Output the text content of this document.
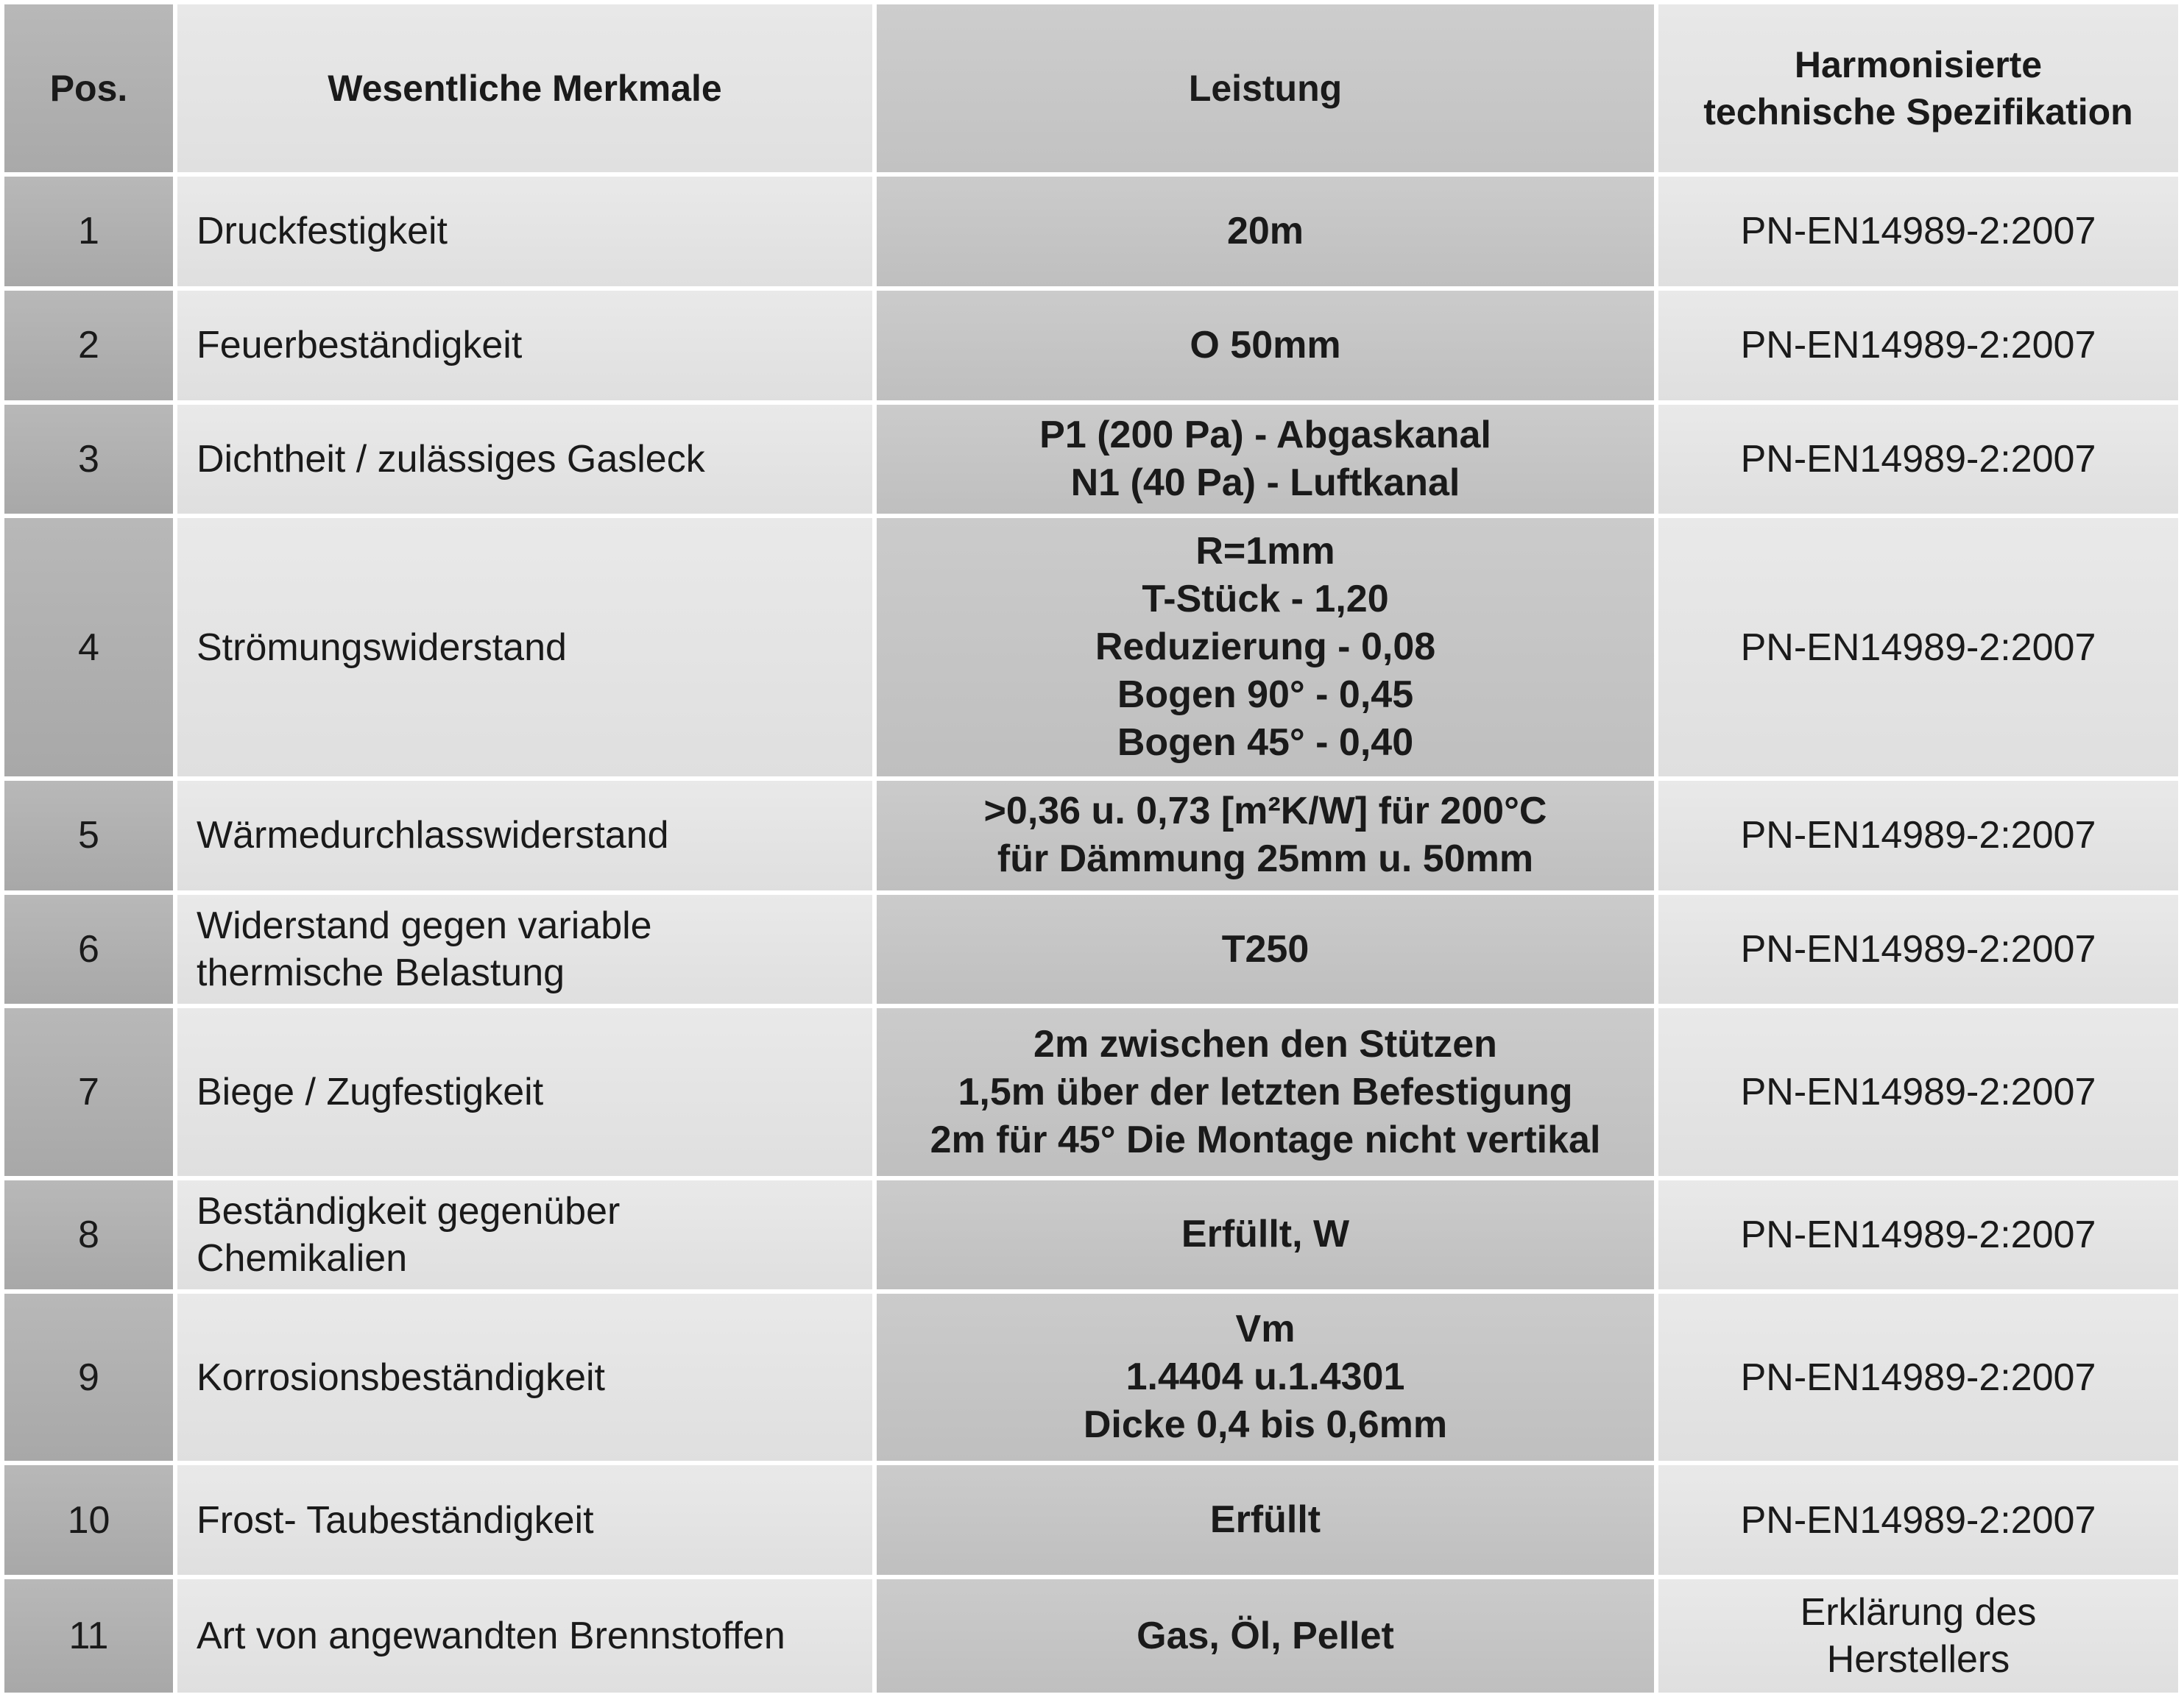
Pos.	Wesentliche Merkmale	Leistung	Harmonisierte
technische Spezifikation

1	Druckfestigkeit	20m	PN-EN14989-2:2007

2	Feuerbeständigkeit	O 50mm	PN-EN14989-2:2007

3	Dichtheit / zulässiges Gasleck	P1 (200 Pa) - Abgaskanal
N1 (40 Pa) - Luftkanal	PN-EN14989-2:2007

4	Strömungswiderstand	R=1mm
T-Stück - 1,20
Reduzierung - 0,08
Bogen 90° - 0,45
Bogen 45° - 0,40	PN-EN14989-2:2007

5	Wärmedurchlasswiderstand	>0,36 u. 0,73 [m²K/W] für 200°C
für Dämmung 25mm u. 50mm	PN-EN14989-2:2007

6	Widerstand gegen variable
thermische Belastung	T250	PN-EN14989-2:2007

7	Biege / Zugfestigkeit	2m zwischen den Stützen
1,5m über der letzten Befestigung
2m für 45° Die Montage nicht vertikal	PN-EN14989-2:2007

8	Beständigkeit gegenüber
Chemikalien	Erfüllt, W	PN-EN14989-2:2007

9	Korrosionsbeständigkeit	Vm
1.4404 u.1.4301
Dicke 0,4 bis 0,6mm	PN-EN14989-2:2007

10	Frost- Taubeständigkeit	Erfüllt	PN-EN14989-2:2007

11	Art von angewandten Brennstoffen	Gas, Öl, Pellet	Erklärung des
Herstellers
